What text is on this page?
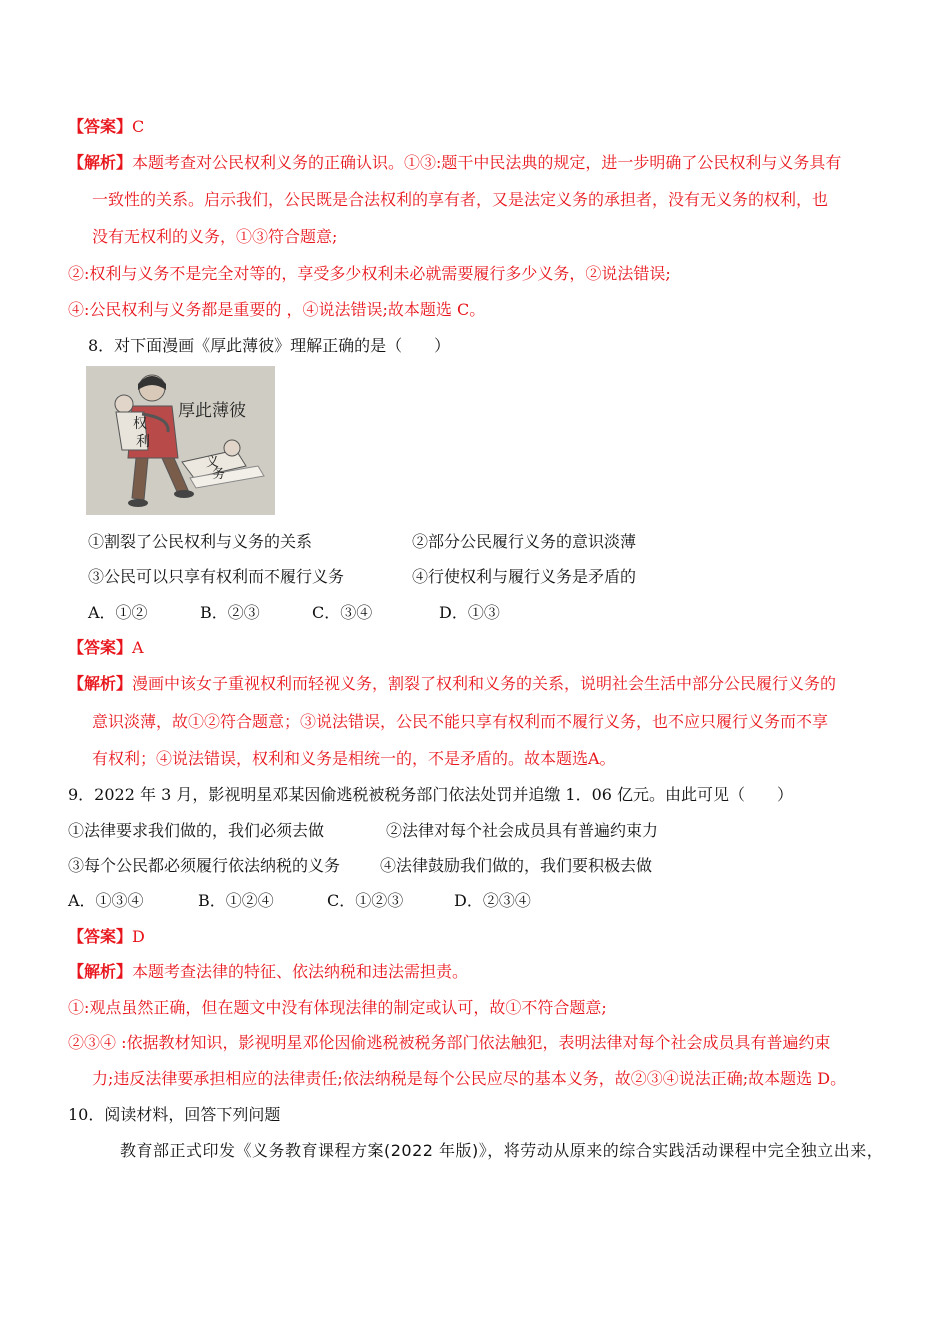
【答案】C
【解析】本题考查对公民权利义务的正确认识。①③:题干中民法典的规定，进一步明确了公民权利与义务具有
一致性的关系。启示我们，公民既是合法权利的享有者，又是法定义务的承担者，没有无义务的权利，也
没有无权利的义务，①③符合题意;
②:权利与义务不是完全对等的，享受多少权利未必就需要履行多少义务，②说法错误;
④:公民权利与义务都是重要的 ，④说法错误;故本题选 C。
8．对下面漫画《厚此薄彼》理解正确的是（　　）
权
利
义
务
厚此薄彼
①割裂了公民权利与义务的关系	②部分公民履行义务的意识淡薄
③公民可以只享有权利而不履行义务	④行使权利与履行义务是矛盾的
A．①②	B．②③	C．③④	D．①③
【答案】A
【解析】漫画中该女子重视权利而轻视义务，割裂了权利和义务的关系，说明社会生活中部分公民履行义务的
意识淡薄，故①②符合题意；③说法错误，公民不能只享有权利而不履行义务，也不应只履行义务而不享
有权利；④说法错误，权利和义务是相统一的，不是矛盾的。故本题选A。
9．2022 年 3 月，影视明星邓某因偷逃税被税务部门依法处罚并追缴 1．06 亿元。由此可见（　　）
①法律要求我们做的，我们必须去做	②法律对每个社会成员具有普遍约束力
③每个公民都必须履行依法纳税的义务 ④法律鼓励我们做的，我们要积极去做
A．①③④	B．①②④	C．①②③	D．②③④
【答案】D
【解析】本题考查法律的特征、依法纳税和违法需担责。
①:观点虽然正确，但在题文中没有体现法律的制定或认可，故①不符合题意;
②③④ :依据教材知识，影视明星邓伦因偷逃税被税务部门依法触犯，表明法律对每个社会成员具有普遍约束
力;违反法律要承担相应的法律责任;依法纳税是每个公民应尽的基本义务，故②③④说法正确;故本题选 D。
10．阅读材料，回答下列问题
教育部正式印发《义务教育课程方案(2022 年版)》，将劳动从原来的综合实践活动课程中完全独立出来，
